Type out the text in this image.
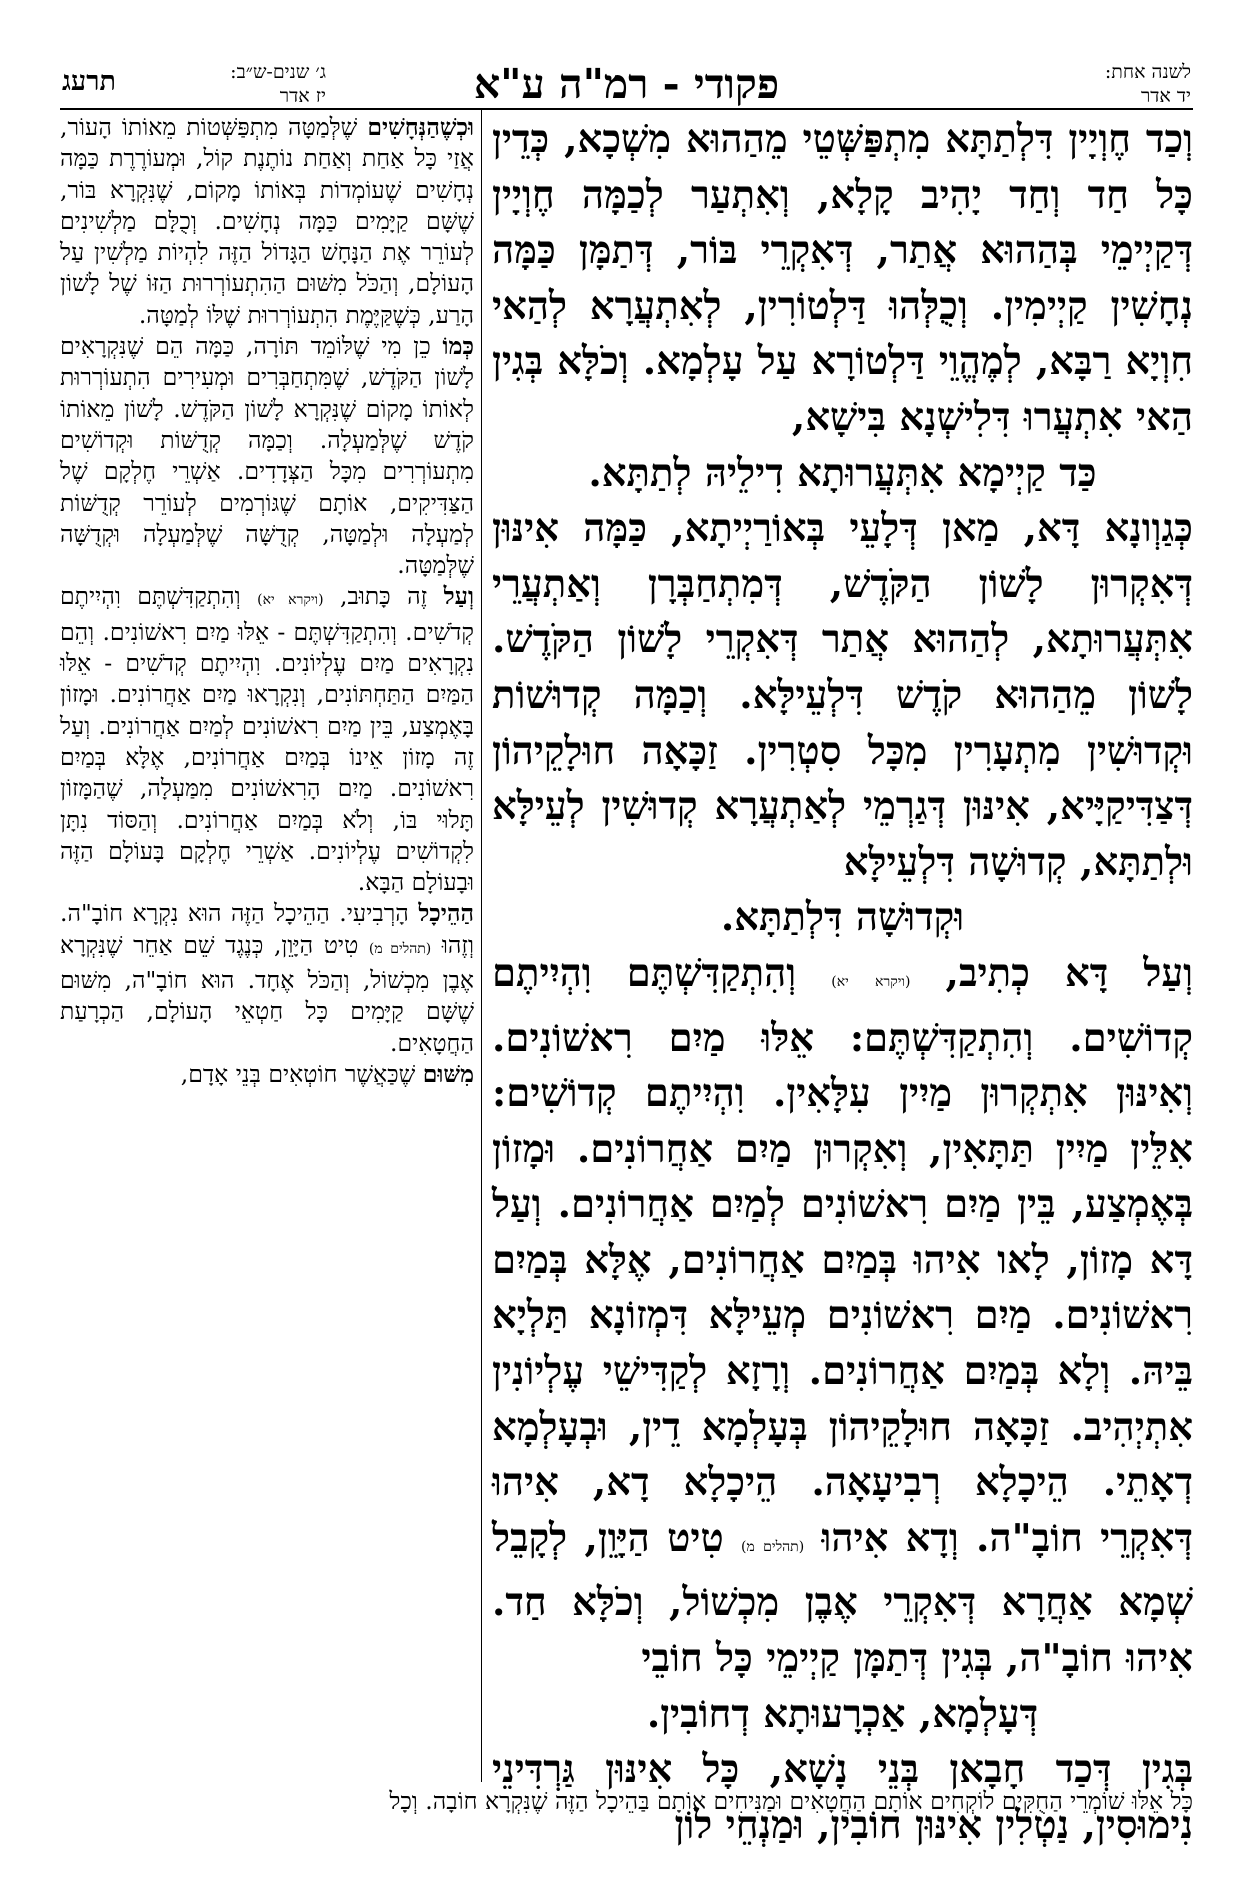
לשנה אחת:
יד אדר
פקודי - רמ"ה ע"א
ג׳ שנים-ש״ב:
יז אדר
תרעג

וְכַד חֶוְיָין דִּלְתַתָּא מִתְפַּשְּׁטֵי מֵהַהוּא מִשְׁכָא, כְּדֵין כָּל חַד וְחַד יָהִיב קָלָא, וְאִתְעַר לְכַמָּה חֶוְיָין דְּקַיְימֵי בְּהַהוּא אֲתַר, דְּאִקְרֵי בּוֹר, דְּתַמָּן כַּמָּה נְחָשִׁין קַיְימִין. וְכֻלְּהוּ דַּלְטוֹרִין, לְאִתְעֲרָא לְהַאי חִוְיָא רַבָּא, לְמֶהֱוֵי דַּלְטוֹרָא עַל עָלְמָא. וְכֹלָּא בְּגִין הַאי אִתְעֲרוּ דִּלִישְׁנָא בִּישָׁא,
כַּד קַיְימָא אִתְּעֲרוּתָא דִילֵיהּ לְתַתָּא.

כְּגַוְונָא דָּא, מַאן דְּלָעֵי בְּאוֹרַיְיתָא, כַּמָּה אִינּוּן דְּאִקְרוּן לָשׁוֹן הַקֹּדֶשׁ, דְּמִתְחַבְּרָן וְאַתְעֲרֵי אִתְּעֲרוּתָא, לְהַהוּא אֲתַר דְּאִקְרֵי לָשׁוֹן הַקֹּדֶשׁ. לָשׁוֹן מֵהַהוּא קֹדֶשׁ דִּלְעֵילָּא. וְכַמָּה קְדוּשׁוֹת וּקְדוּשִׁין מִתְעָרִין מִכָּל סִטְרִין. זַכָּאָה חוּלָקֵיהוֹן דְּצַדִּיקַיָּיא, אִינּוּן דְּגַרְמֵי לְאַתְעֲרָא קְדוּשִׁין לְעֵילָּא וּלְתַתָּא, קְדוּשָׁה דִּלְעֵילָּא
וּקְדוּשָׁה דִּלְתַתָּא.

וְעַל דָּא כְתִיב, (ויקרא יא) וְהִתְקַדִּשְׁתֶּם וִהְיִיתֶם קְדוֹשִׁים. וְהִתְקַדִּשְׁתֶּם: אֵלּוּ מַיִם רִאשׁוֹנִים. וְאִינּוּן אִתְקְרוּן מַיִין עִלָּאִין. וִהְיִיתֶם קְדוֹשִׁים: אִלֵּין מַיִין תַּתָּאִין, וְאִקְרוּן מַיִם אַחֲרוֹנִים. וּמָזוֹן בְּאֶמְצַע, בֵּין מַיִם רִאשׁוֹנִים לְמַיִם אַחֲרוֹנִים. וְעַל דָּא מָזוֹן, לָאו אִיהוּ בְּמַיִם אַחֲרוֹנִים, אֶלָּא בְּמַיִם רִאשׁוֹנִים. מַיִם רִאשׁוֹנִים מְעֵילָּא דִּמְזוֹנָא תַּלְיָא בֵּיהּ. וְלָא בְּמַיִם אַחֲרוֹנִים. וְרָזָא לְקַדִּישֵׁי עֶלְיוֹנִין אִתְיְהִיב. זַכָּאָה חוּלָקֵיהוֹן בְּעָלְמָא דֵין, וּבְעָלְמָא דְאָתֵי. הֵיכָלָא רְבִיעָאָה. הֵיכָלָא דָא, אִיהוּ דְּאִקְרֵי חוֹבָ"ה. וְדָא אִיהוּ (תהלים מ) טִיט הַיָּוֵן, לְקָבֵל שְׁמָא אַחֲרָא דְּאִקְרֵי אֶבֶן מִכְשׁוֹל, וְכֹלָּא חַד. אִיהוּ חוֹבָ"ה, בְּגִין דְּתַמָּן קַיְימֵי כָּל חוֹבֵי
דְּעָלְמָא, אַכְרָעוּתָא דְחוֹבִין.

בְּגִין דְּכַד חָבָאן בְּנֵי נָשָׁא, כָּל אִינּוּן גַּרְדִּינֵי נִימוּסִין, נַטְלִין אִינּוּן חוֹבִין, וּמַנְחֵי לוֹן

וּכְשֶׁהַנְּחָשִׁים שֶׁלְּמַטָּה מִתְפַּשְּׁטוֹת מֵאוֹתוֹ הָעוֹר, אֲזַי כָּל אַחַת וְאַחַת נוֹתֶנֶת קוֹל, וּמְעוֹרֶרֶת כַּמָּה נְחָשִׁים שֶׁעוֹמְדוֹת בְּאוֹתוֹ מָקוֹם, שֶׁנִּקְרָא בּוֹר, שֶׁשָּׁם קַיָּמִים כַּמָּה נְחָשִׁים. וְכֻלָּם מַלְשִׁינִים לְעוֹרֵר אֶת הַנָּחָשׁ הַגָּדוֹל הַזֶּה לִהְיוֹת מַלְשִׁין עַל הָעוֹלָם, וְהַכֹּל מִשּׁוּם הַהִתְעוֹרְרוּת הַזּוֹ שֶׁל לָשׁוֹן הָרַע, כְּשֶׁקַּיֶּמֶת הִתְעוֹרְרוּת שֶׁלּוֹ לְמַטָּה.

כְּמוֹ כֵן מִי שֶׁלּוֹמֵד תּוֹרָה, כַּמָּה הֵם שֶׁנִּקְרָאִים לָשׁוֹן הַקֹּדֶשׁ, שֶׁמִּתְחַבְּרִים וּמְעִירִים הִתְעוֹרְרוּת לְאוֹתוֹ מָקוֹם שֶׁנִּקְרָא לָשׁוֹן הַקֹּדֶשׁ. לָשׁוֹן מֵאוֹתוֹ קֹדֶשׁ שֶׁלְּמַעְלָה. וְכַמָּה קְדֻשּׁוֹת וּקְדוֹשִׁים מִתְעוֹרְרִים מִכָּל הַצְּדָדִים. אַשְׁרֵי חֶלְקָם שֶׁל הַצַּדִּיקִים, אוֹתָם שֶׁגּוֹרְמִים לְעוֹרֵר קְדֻשּׁוֹת לְמַעְלָה וּלְמַטָּה, קְדֻשָּׁה שֶׁלְּמַעְלָה וּקְדֻשָּׁה שֶׁלְּמַטָּה.

וְעַל זֶה כָּתוּב, (ויקרא יא) וְהִתְקַדִּשְׁתֶּם וִהְיִיתֶם קְדֹשִׁים. וְהִתְקַדִּשְׁתֶּם - אֵלּוּ מַיִם רִאשׁוֹנִים. וְהֵם נִקְרָאִים מַיִם עֶלְיוֹנִים. וִהְיִיתֶם קְדֹשִׁים - אֵלּוּ הַמַּיִם הַתַּחְתּוֹנִים, וְנִקְרָאוּ מַיִם אַחֲרוֹנִים. וּמָזוֹן בָּאֶמְצַע, בֵּין מַיִם רִאשׁוֹנִים לְמַיִם אַחֲרוֹנִים. וְעַל זֶה מָזוֹן אֵינוֹ בְּמַיִם אַחֲרוֹנִים, אֶלָּא בְּמַיִם רִאשׁוֹנִים. מַיִם הָרִאשׁוֹנִים מִמַּעְלָה, שֶׁהַמָּזוֹן תָּלוּי בּוֹ, וְלֹא בְּמַיִם אַחֲרוֹנִים. וְהַסּוֹד נִתָּן לִקְדוֹשִׁים עֶלְיוֹנִים. אַשְׁרֵי חֶלְקָם בָּעוֹלָם הַזֶּה וּבָעוֹלָם הַבָּא.

הַהֵיכָל הָרְבִיעִי. הַהֵיכָל הַזֶּה הוּא נִקְרָא חוֹבָ"ה. וְזֶהוּ (תהלים מ) טִיט הַיָּוֵן, כְּנֶגֶד שֵׁם אַחֵר שֶׁנִּקְרָא אֶבֶן מִכְשׁוֹל, וְהַכֹּל אֶחָד. הוּא חוֹבָ"ה, מִשּׁוּם שֶׁשָּׁם קַיָּמִים כָּל חַטְאֵי הָעוֹלָם, הַכְרָעַת הַחֲטָאִים.

מִשּׁוּם שֶׁכַּאֲשֶׁר חוֹטְאִים בְּנֵי אָדָם,

כָּל אֵלּוּ שׁוֹמְרֵי הַחֻקִּים לוֹקְחִים אוֹתָם הַחֲטָאִים וּמַנִּיחִים אוֹתָם בַּהֵיכָל הַזֶּה שֶׁנִּקְרָא חוֹבָה. וְכָל
